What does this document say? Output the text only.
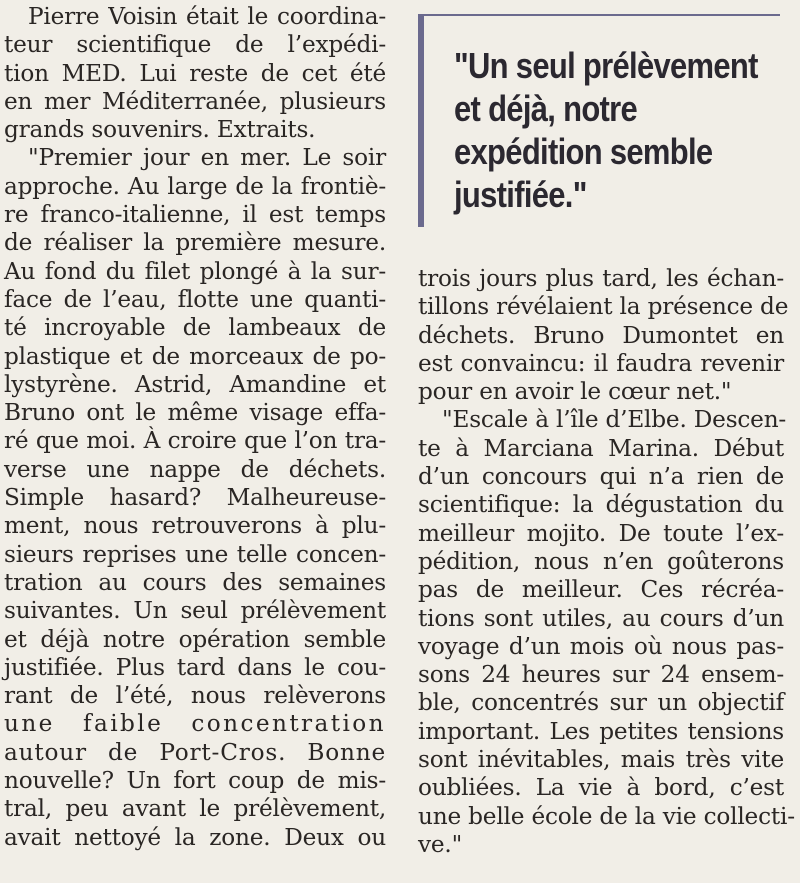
Pierre Voisin était le coordina-
teur scientifique de l’expédi-
tion MED. Lui reste de cet été
en mer Méditerranée, plusieurs
grands souvenirs. Extraits.
"Premier jour en mer. Le soir
approche. Au large de la frontiè-
re franco-italienne, il est temps
de réaliser la première mesure.
Au fond du filet plongé à la sur-
face de l’eau, flotte une quanti-
té incroyable de lambeaux de
plastique et de morceaux de po-
lystyrène. Astrid, Amandine et
Bruno ont le même visage effa-
ré que moi. À croire que l’on tra-
verse une nappe de déchets.
Simple hasard? Malheureuse-
ment, nous retrouverons à plu-
sieurs reprises une telle concen-
tration au cours des semaines
suivantes. Un seul prélèvement
et déjà notre opération semble
justifiée. Plus tard dans le cou-
rant de l’été, nous relèverons
une faible concentration
autour de Port-Cros. Bonne
nouvelle? Un fort coup de mis-
tral, peu avant le prélèvement,
avait nettoyé la zone. Deux ou
"Un seul prélèvement
et déjà, notre
expédition semble
justifiée."
trois jours plus tard, les échan-
tillons révélaient la présence de
déchets. Bruno Dumontet en
est convaincu: il faudra revenir
pour en avoir le cœur net."
"Escale à l’île d’Elbe. Descen-
te à Marciana Marina. Début
d’un concours qui n’a rien de
scientifique: la dégustation du
meilleur mojito. De toute l’ex-
pédition, nous n’en goûterons
pas de meilleur. Ces récréa-
tions sont utiles, au cours d’un
voyage d’un mois où nous pas-
sons 24 heures sur 24 ensem-
ble, concentrés sur un objectif
important. Les petites tensions
sont inévitables, mais très vite
oubliées. La vie à bord, c’est
une belle école de la vie collecti-
ve."
